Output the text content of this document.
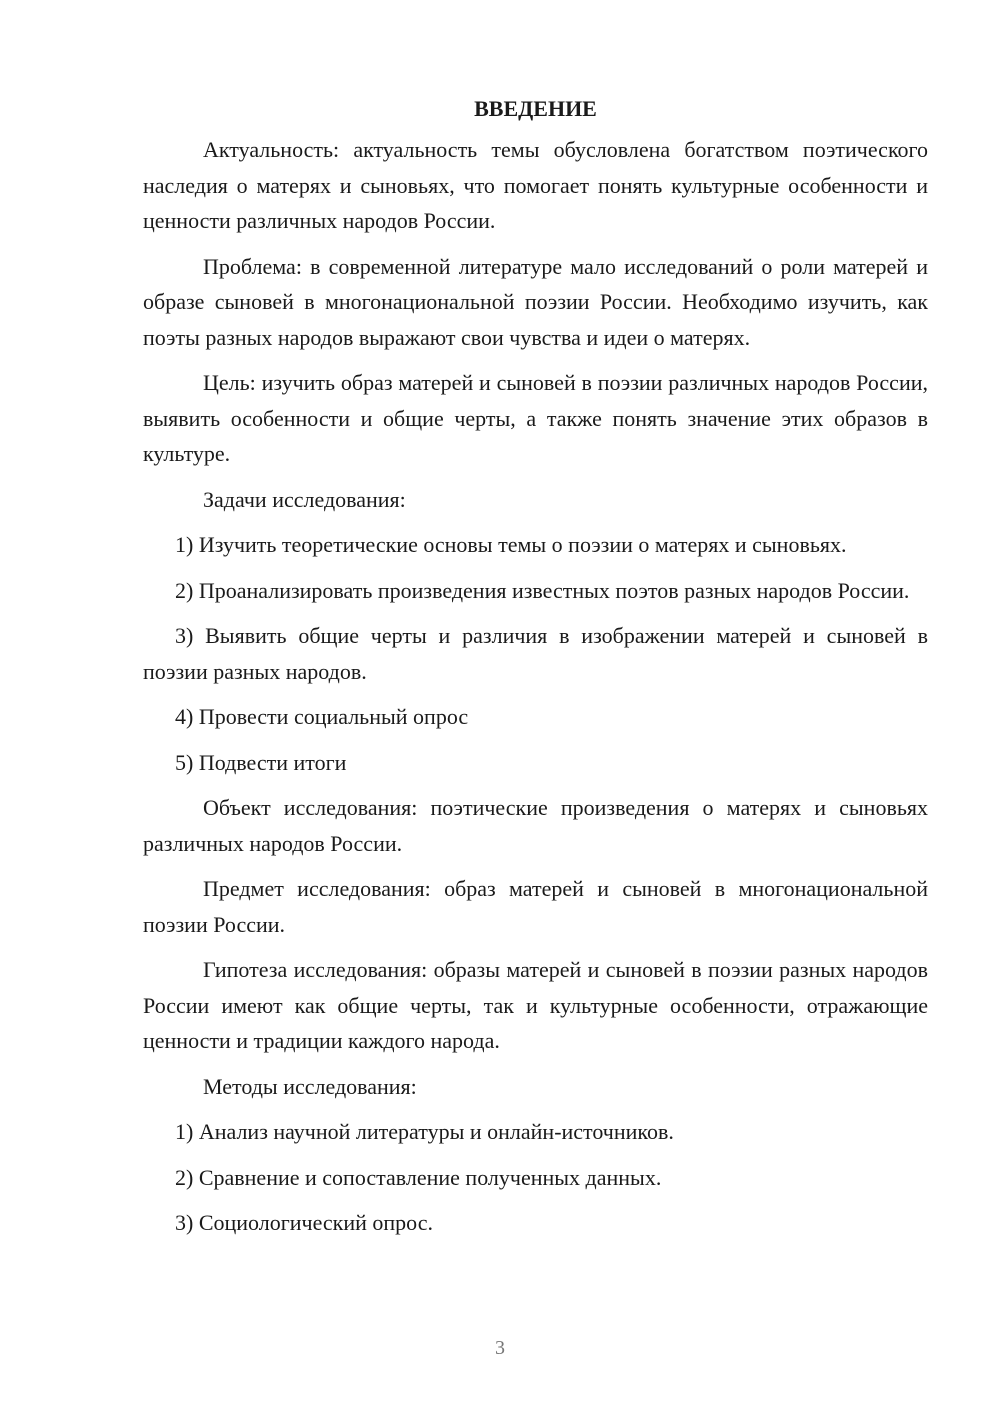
ВВЕДЕНИЕ

Актуальность: актуальность темы обусловлена богатством поэтического наследия о матерях и сыновьях, что помогает понять культурные особенности и ценности различных народов России.

Проблема: в современной литературе мало исследований о роли матерей и образе сыновей в многонациональной поэзии России. Необходимо изучить, как поэты разных народов выражают свои чувства и идеи о матерях.

Цель: изучить образ матерей и сыновей в поэзии различных народов России, выявить особенности и общие черты, а также понять значение этих образов в культуре.

Задачи исследования:

1) Изучить теоретические основы темы о поэзии о матерях и сыновьях.

2) Проанализировать произведения известных поэтов разных народов России.

3) Выявить общие черты и различия в изображении матерей и сыновей в поэзии разных народов.

4) Провести социальный опрос

5) Подвести итоги

Объект исследования: поэтические произведения о матерях и сыновьях различных народов России.

Предмет исследования: образ матерей и сыновей в многонациональной поэзии России.

Гипотеза исследования: образы матерей и сыновей в поэзии разных народов России имеют как общие черты, так и культурные особенности, отражающие ценности и традиции каждого народа.

Методы исследования:

1) Анализ научной литературы и онлайн-источников.

2) Сравнение и сопоставление полученных данных.

3) Социологический опрос.

3
